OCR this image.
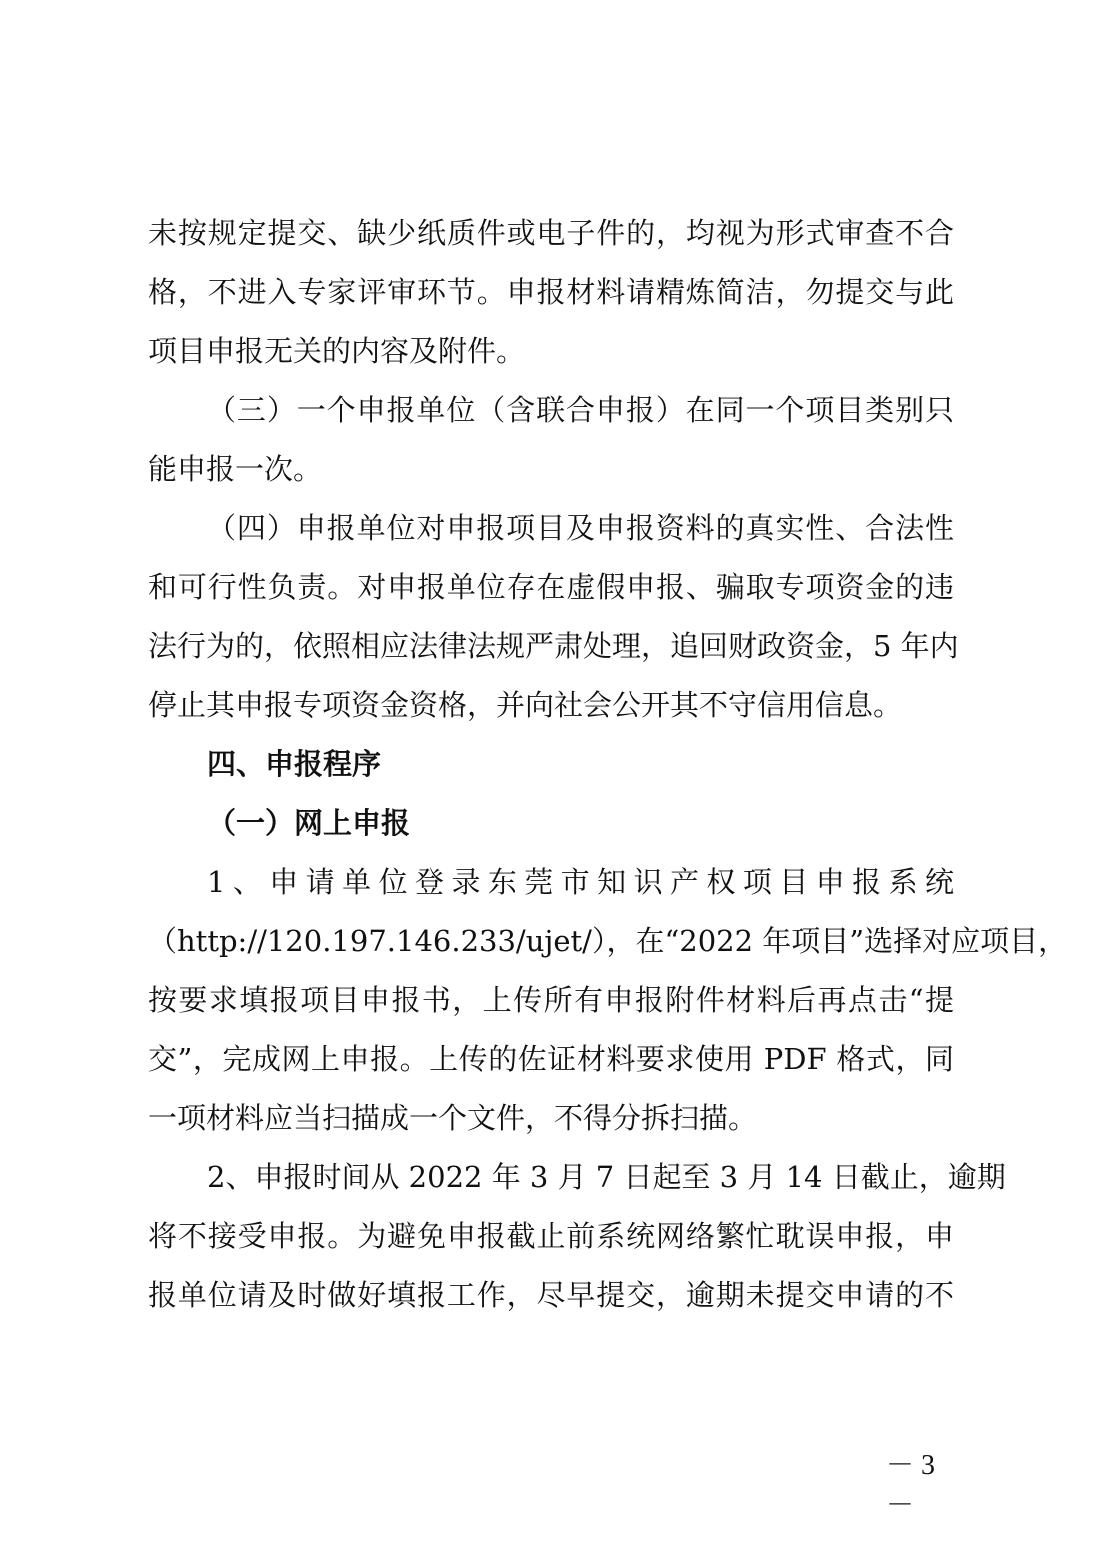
未按规定提交、缺少纸质件或电子件的，均视为形式审查不合
格，不进入专家评审环节。申报材料请精炼简洁，勿提交与此
项目申报无关的内容及附件。
（三）一个申报单位（含联合申报）在同一个项目类别只
能申报一次。
（四）申报单位对申报项目及申报资料的真实性、合法性
和可行性负责。对申报单位存在虚假申报、骗取专项资金的违
法行为的，依照相应法律法规严肃处理，追回财政资金，5 年内
停止其申报专项资金资格，并向社会公开其不守信用信息。
四、申报程序
（一）网上申报
1、申请单位登录东莞市知识产权项目申报系统
（http://120.197.146.233/ujet/），在“2022 年项目”选择对应项目，
按要求填报项目申报书，上传所有申报附件材料后再点击“提
交”，完成网上申报。上传的佐证材料要求使用 PDF 格式，同
一项材料应当扫描成一个文件，不得分拆扫描。
2、申报时间从 2022 年 3 月 7 日起至 3 月 14 日截止，逾期
将不接受申报。为避免申报截止前系统网络繁忙耽误申报，申
报单位请及时做好填报工作，尽早提交，逾期未提交申请的不
－ 3 －
